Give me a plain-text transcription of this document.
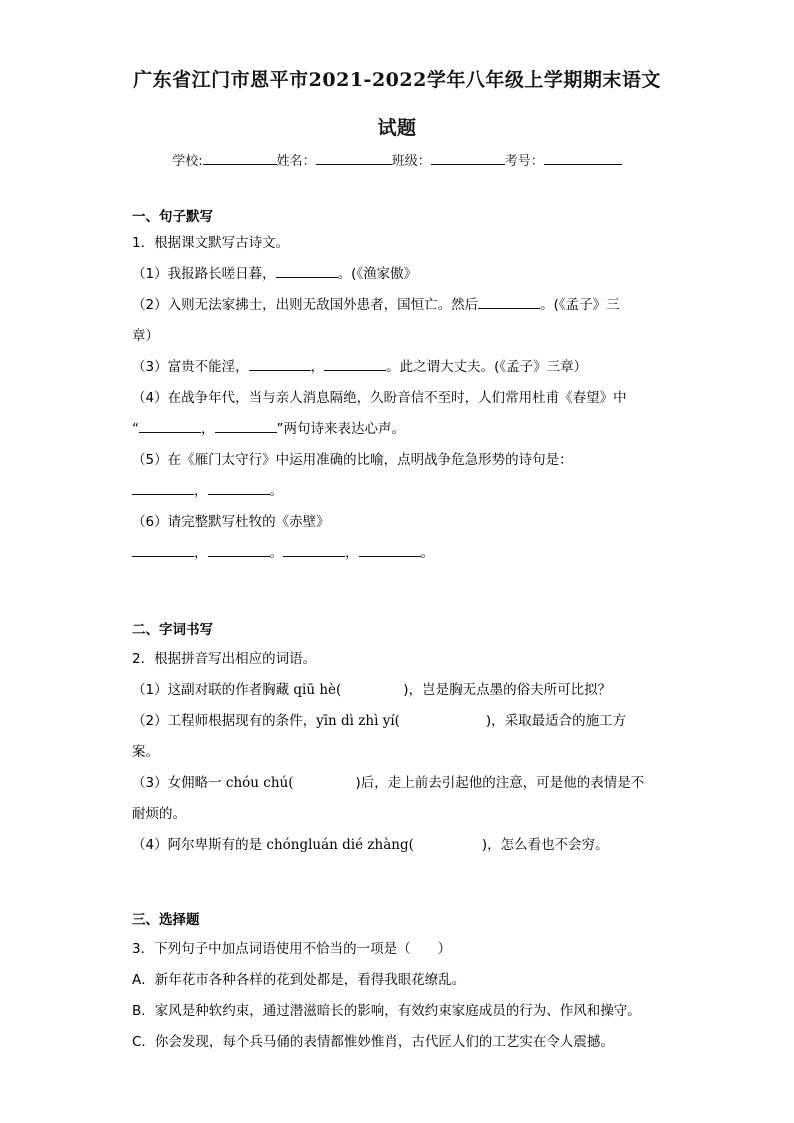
广东省江门市恩平市2021-2022学年八年级上学期期末语文
试题
学校:	姓名：	班级：	考号：
一、句子默写
1．根据课文默写古诗文。
（1）我报路长嗟日暮，	。(《渔家傲》
（2）入则无法家拂士，出则无敌国外患者，国恒亡。然后	。(《孟子》三
章）
（3）富贵不能淫，	，	。此之谓大丈夫。(《孟子》三章）
（4）在战争年代，当与亲人消息隔绝，久盼音信不至时，人们常用杜甫《春望》中
“	，	”两句诗来表达心声。
（5）在《雁门太守行》中运用准确的比喻，点明战争危急形势的诗句是：
，	。
（6）请完整默写杜牧的《赤壁》
，	。	，	。
二、字词书写
2．根据拼音写出相应的词语。
（1）这副对联的作者胸藏 qiū hè(	)，岂是胸无点墨的俗夫所可比拟？
（2）工程师根据现有的条件，yīn dì zhì yí(	)，采取最适合的施工方
案。
（3）女佣略一 chóu chú(	)后，走上前去引起他的注意，可是他的表情是不
耐烦的。
（4）阿尔卑斯有的是 chóngluán dié zhàng(	)，怎么看也不会穷。
三、选择题
3．下列句子中加点词语使用不恰当的一项是（　　）
A．新年花市各种各样的花到处都是，看得我眼花缭乱。
B．家风是种软约束，通过潜滋暗长的影响，有效约束家庭成员的行为、作风和操守。
C．你会发现，每个兵马俑的表情都惟妙惟肖，古代匠人们的工艺实在令人震撼。
